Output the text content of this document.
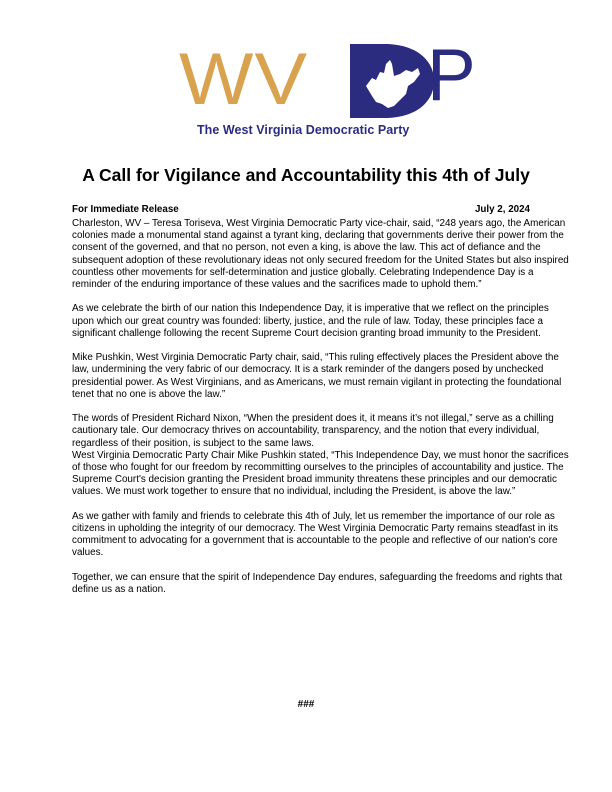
WV P
The West Virginia Democratic Party
A Call for Vigilance and Accountability this 4th of July
For Immediate Release	July 2, 2024

Charleston, WV – Teresa Toriseva, West Virginia Democratic Party vice-chair, said, “248 years ago, the American colonies made a monumental stand against a tyrant king, declaring that governments derive their power from the consent of the governed, and that no person, not even a king, is above the law. This act of defiance and the subsequent adoption of these revolutionary ideas not only secured freedom for the United States but also inspired countless other movements for self-determination and justice globally. Celebrating Independence Day is a reminder of the enduring importance of these values and the sacrifices made to uphold them.”

As we celebrate the birth of our nation this Independence Day, it is imperative that we reflect on the principles upon which our great country was founded: liberty, justice, and the rule of law. Today, these principles face a significant challenge following the recent Supreme Court decision granting broad immunity to the President.

Mike Pushkin, West Virginia Democratic Party chair, said, “This ruling effectively places the President above the law, undermining the very fabric of our democracy. It is a stark reminder of the dangers posed by unchecked presidential power. As West Virginians, and as Americans, we must remain vigilant in protecting the foundational tenet that no one is above the law.”

The words of President Richard Nixon, “When the president does it, it means it’s not illegal,” serve as a chilling cautionary tale. Our democracy thrives on accountability, transparency, and the notion that every individual, regardless of their position, is subject to the same laws.

West Virginia Democratic Party Chair Mike Pushkin stated, “This Independence Day, we must honor the sacrifices of those who fought for our freedom by recommitting ourselves to the principles of accountability and justice. The Supreme Court's decision granting the President broad immunity threatens these principles and our democratic values. We must work together to ensure that no individual, including the President, is above the law.”

As we gather with family and friends to celebrate this 4th of July, let us remember the importance of our role as citizens in upholding the integrity of our democracy. The West Virginia Democratic Party remains steadfast in its commitment to advocating for a government that is accountable to the people and reflective of our nation's core values.

Together, we can ensure that the spirit of Independence Day endures, safeguarding the freedoms and rights that define us as a nation.

###
